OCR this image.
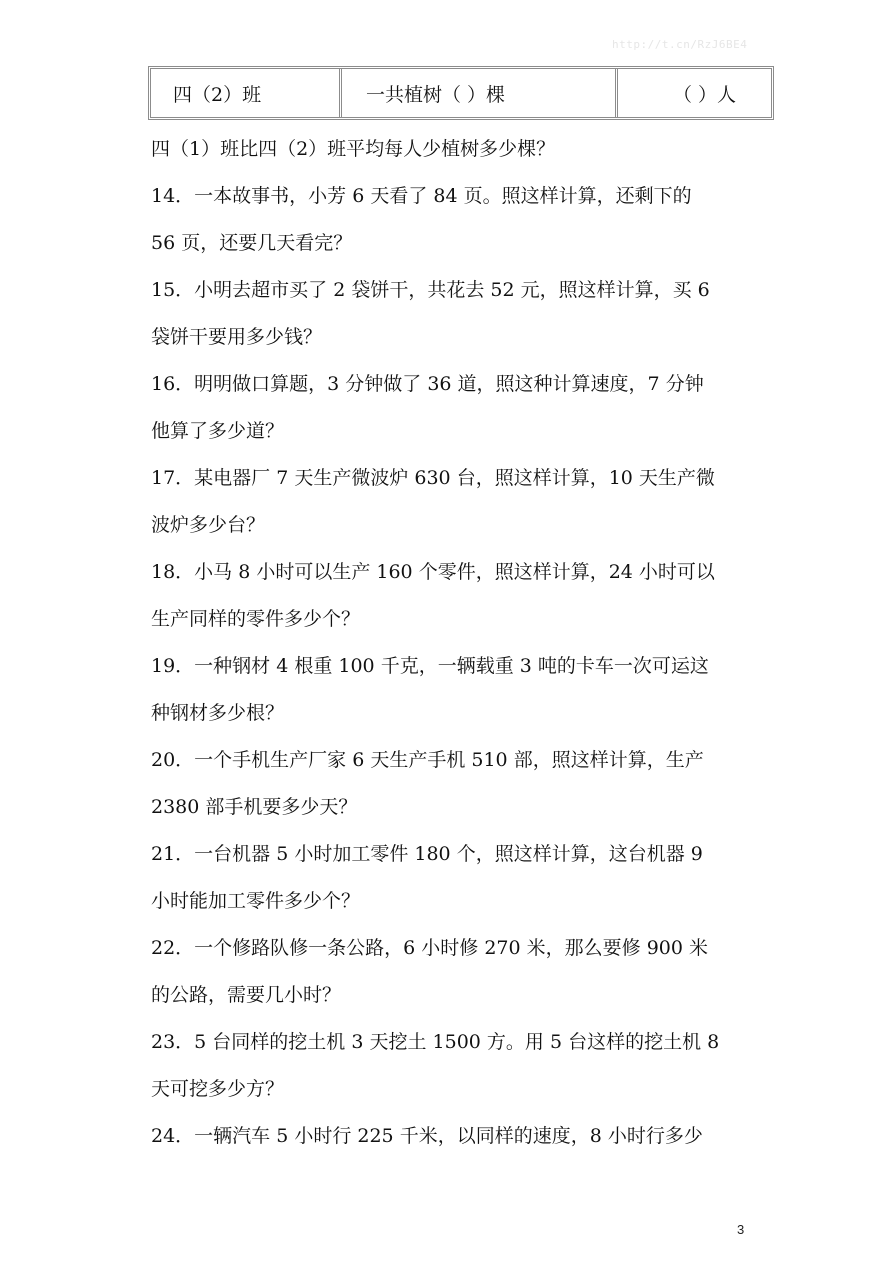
http://t.cn/RzJ6BE4
四（2）班	一共植树（ ）棵	（ ）人
四（1）班比四（2）班平均每人少植树多少棵？
14．一本故事书，小芳 6 天看了 84 页。照这样计算，还剩下的
56 页，还要几天看完？
15．小明去超市买了 2 袋饼干，共花去 52 元，照这样计算，买 6
袋饼干要用多少钱？
16．明明做口算题，3 分钟做了 36 道，照这种计算速度，7 分钟
他算了多少道？
17．某电器厂 7 天生产微波炉 630 台，照这样计算，10 天生产微
波炉多少台？
18．小马 8 小时可以生产 160 个零件，照这样计算，24 小时可以
生产同样的零件多少个？
19．一种钢材 4 根重 100 千克，一辆载重 3 吨的卡车一次可运这
种钢材多少根？
20．一个手机生产厂家 6 天生产手机 510 部，照这样计算，生产
2380 部手机要多少天？
21．一台机器 5 小时加工零件 180 个，照这样计算，这台机器 9
小时能加工零件多少个？
22．一个修路队修一条公路，6 小时修 270 米，那么要修 900 米
的公路，需要几小时？
23．5 台同样的挖土机 3 天挖土 1500 方。用 5 台这样的挖土机 8
天可挖多少方？
24．一辆汽车 5 小时行 225 千米，以同样的速度，8 小时行多少
3
